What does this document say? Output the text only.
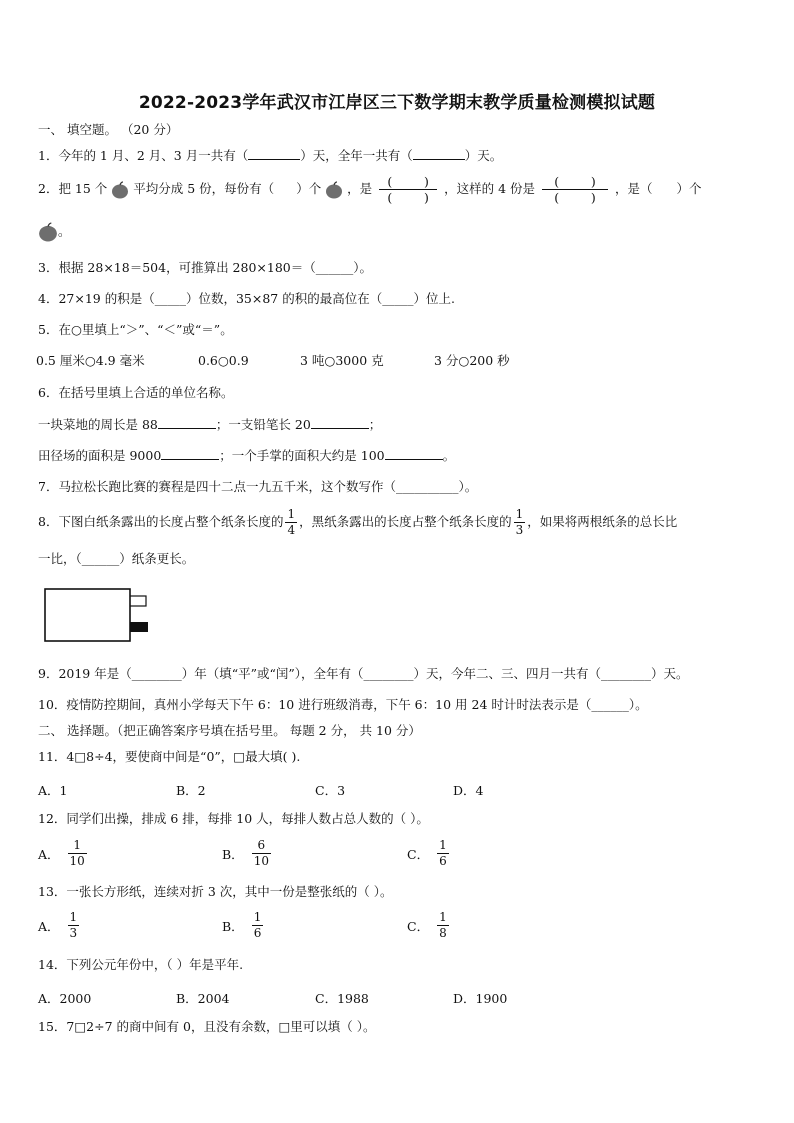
2022-2023学年武汉市江岸区三下数学期末教学质量检测模拟试题
一、 填空题。 （20 分）
1．今年的 1 月、2 月、3 月一共有（	）天，全年一共有（	）天。
2．把 15 个 平均分成 5 份，每份有（ ）个 ，是	(        )
(        )
，这样的 4 份是	(        )
(        )
，是（ ）个
。
3．根据 28×18＝504，可推算出 280×180＝（______）。
4．27×19 的积是（_____）位数，35×87 的积的最高位在（_____）位上.
5．在○里填上“＞”、“＜”或“＝”。
0.5 厘米○4.9 毫米	0.6○0.9	3 吨○3000 克	3 分○200 秒
6．在括号里填上合适的单位名称。
一块菜地的周长是 88	；一支铅笔长 20	；
田径场的面积是 9000	；一个手掌的面积大约是 100	。
7．马拉松长跑比赛的赛程是四十二点一九五千米，这个数写作（__________）。
8．下图白纸条露出的长度占整个纸条长度的 $\frac{1}{4}$ ，黑纸条露出的长度占整个纸条长度的 $\frac{1}{3}$ ，如果将两根纸条的总长比
一比，（______）纸条更长。
9．2019 年是（________）年（填“平”或“闰”），全年有（________）天，今年二、三、四月一共有（________）天。
10．疫情防控期间，真州小学每天下午 6：10 进行班级消毒，下午 6：10 用 24 时计时法表示是（______）。
二、 选择题。（把正确答案序号填在括号里。 每题 2 分， 共 10 分）
11．4□8÷4，要使商中间是“0”，□最大填( ).
A．1	B．2	C．3	D．4
12．同学们出操，排成 6 排，每排 10 人，每排人数占总人数的（ ）。
A． $\frac{1}{10}$	B． $\frac{6}{10}$	C． $\frac{1}{6}$
13．一张长方形纸，连续对折 3 次，其中一份是整张纸的（ ）。
A． $\frac{1}{3}$	B． $\frac{1}{6}$	C． $\frac{1}{8}$
14．下列公元年份中，（ ）年是平年.
A．2000	B．2004	C．1988	D．1900
15．7□2÷7 的商中间有 0，且没有余数，□里可以填（ ）。
